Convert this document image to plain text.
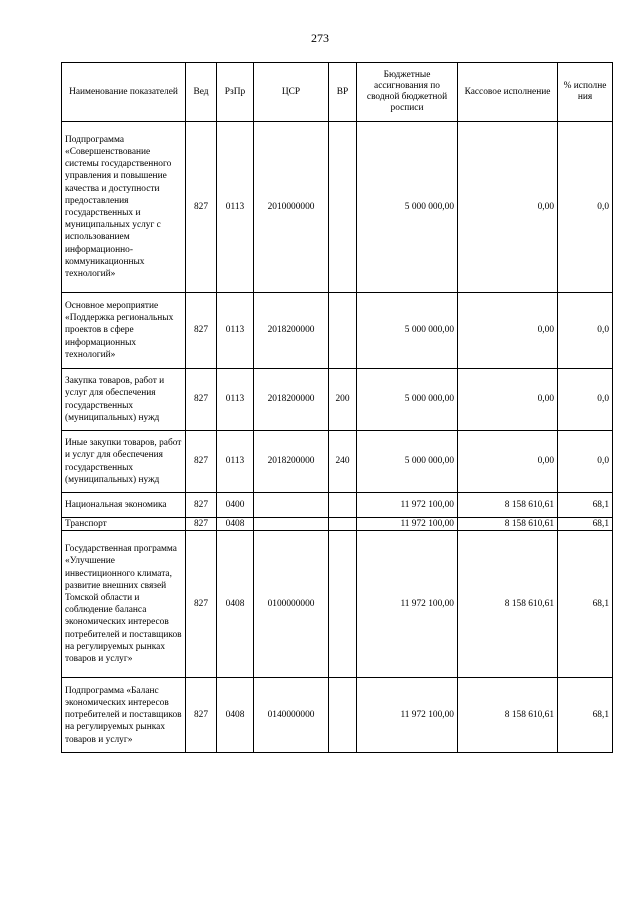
273
Наименование показателей	Вед	РзПр	ЦСР	ВР	Бюджетные ассигнования по сводной бюджетной росписи	Кассовое исполнение	% исполне ния
Подпрограмма «Совершенствование системы государственного управления и повышение качества и доступности предоставления государственных и муниципальных услуг с использованием информационно-коммуникационных технологий»	827	0113	2010000000		5 000 000,00	0,00	0,0
Основное мероприятие «Поддержка региональных проектов в сфере информационных технологий»	827	0113	2018200000		5 000 000,00	0,00	0,0
Закупка товаров, работ и услуг для обеспечения государственных (муниципальных) нужд	827	0113	2018200000	200	5 000 000,00	0,00	0,0
Иные закупки товаров, работ и услуг для обеспечения государственных (муниципальных) нужд	827	0113	2018200000	240	5 000 000,00	0,00	0,0
Национальная экономика	827	0400			11 972 100,00	8 158 610,61	68,1
Транспорт	827	0408			11 972 100,00	8 158 610,61	68,1
Государственная программа «Улучшение инвестиционного климата, развитие внешних связей Томской области и соблюдение баланса экономических интересов потребителей и поставщиков на регулируемых рынках товаров и услуг»	827	0408	0100000000		11 972 100,00	8 158 610,61	68,1
Подпрограмма «Баланс экономических интересов потребителей и поставщиков на регулируемых рынках товаров и услуг»	827	0408	0140000000		11 972 100,00	8 158 610,61	68,1
